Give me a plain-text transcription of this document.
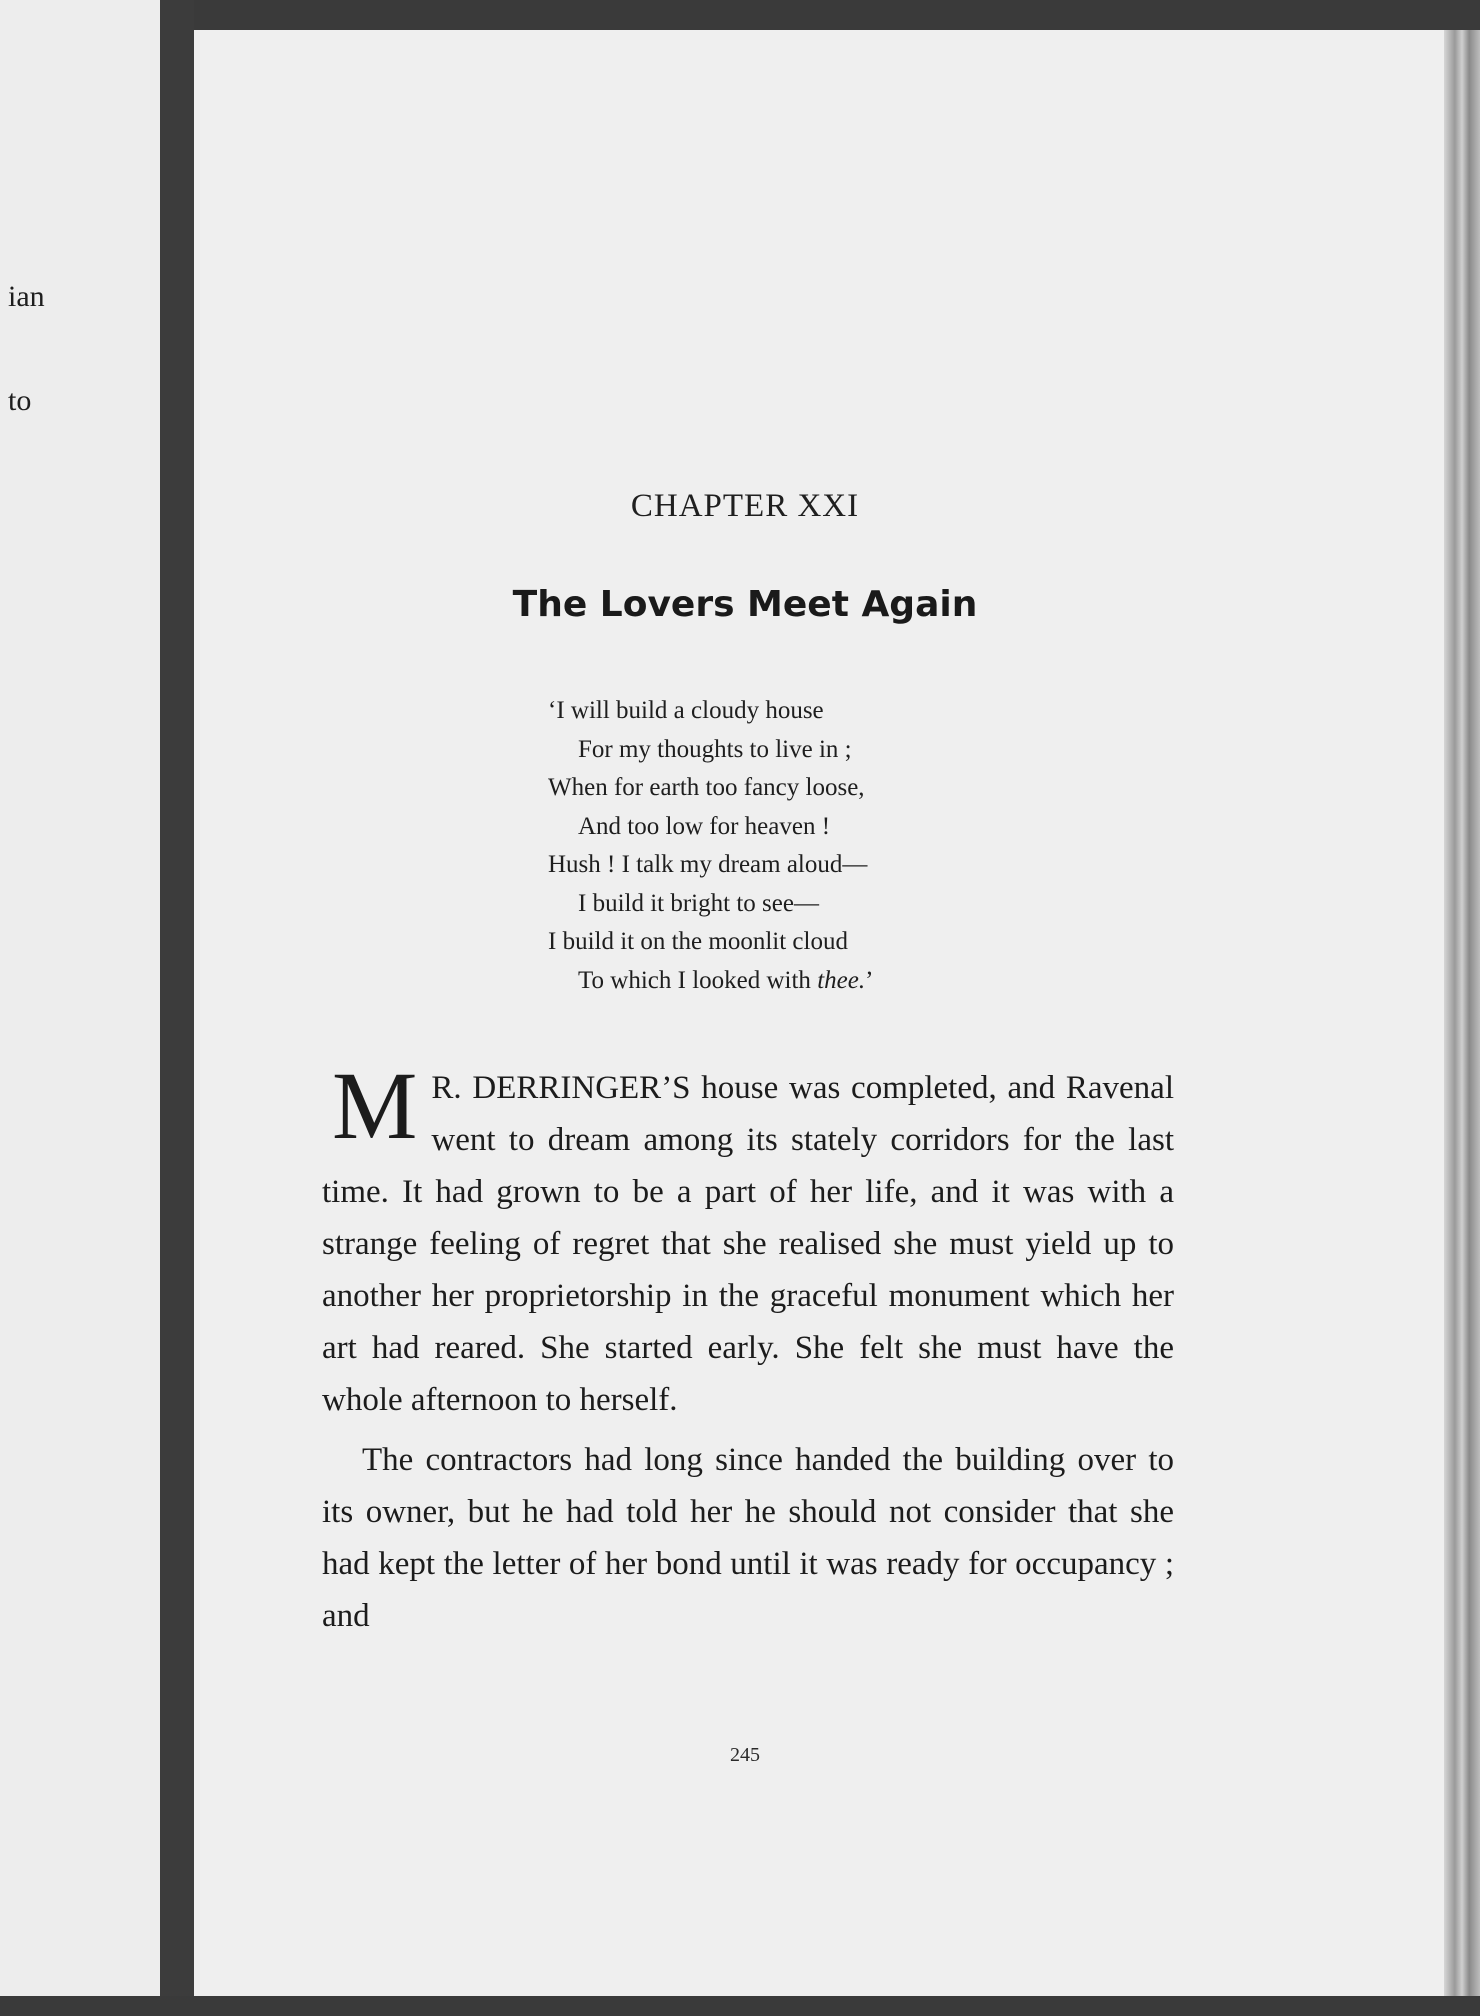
ian
to
CHAPTER XXI
The Lovers Meet Again
‘I will build a cloudy house
For my thoughts to live in ;
When for earth too fancy loose,
And too low for heaven !
Hush ! I talk my dream aloud—
I build it bright to see—
I build it on the moonlit cloud
To which I looked with thee.’

M R. DERRINGER’S house was completed, and Ravenal went to dream among its stately corridors for the last time. It had grown to be a part of her life, and it was with a strange feeling of regret that she realised she must yield up to another her proprietorship in the graceful monument which her art had reared. She started early. She felt she must have the whole afternoon to herself.

The contractors had long since handed the building over to its owner, but he had told her he should not consider that she had kept the letter of her bond until it was ready for occupancy ; and

245
